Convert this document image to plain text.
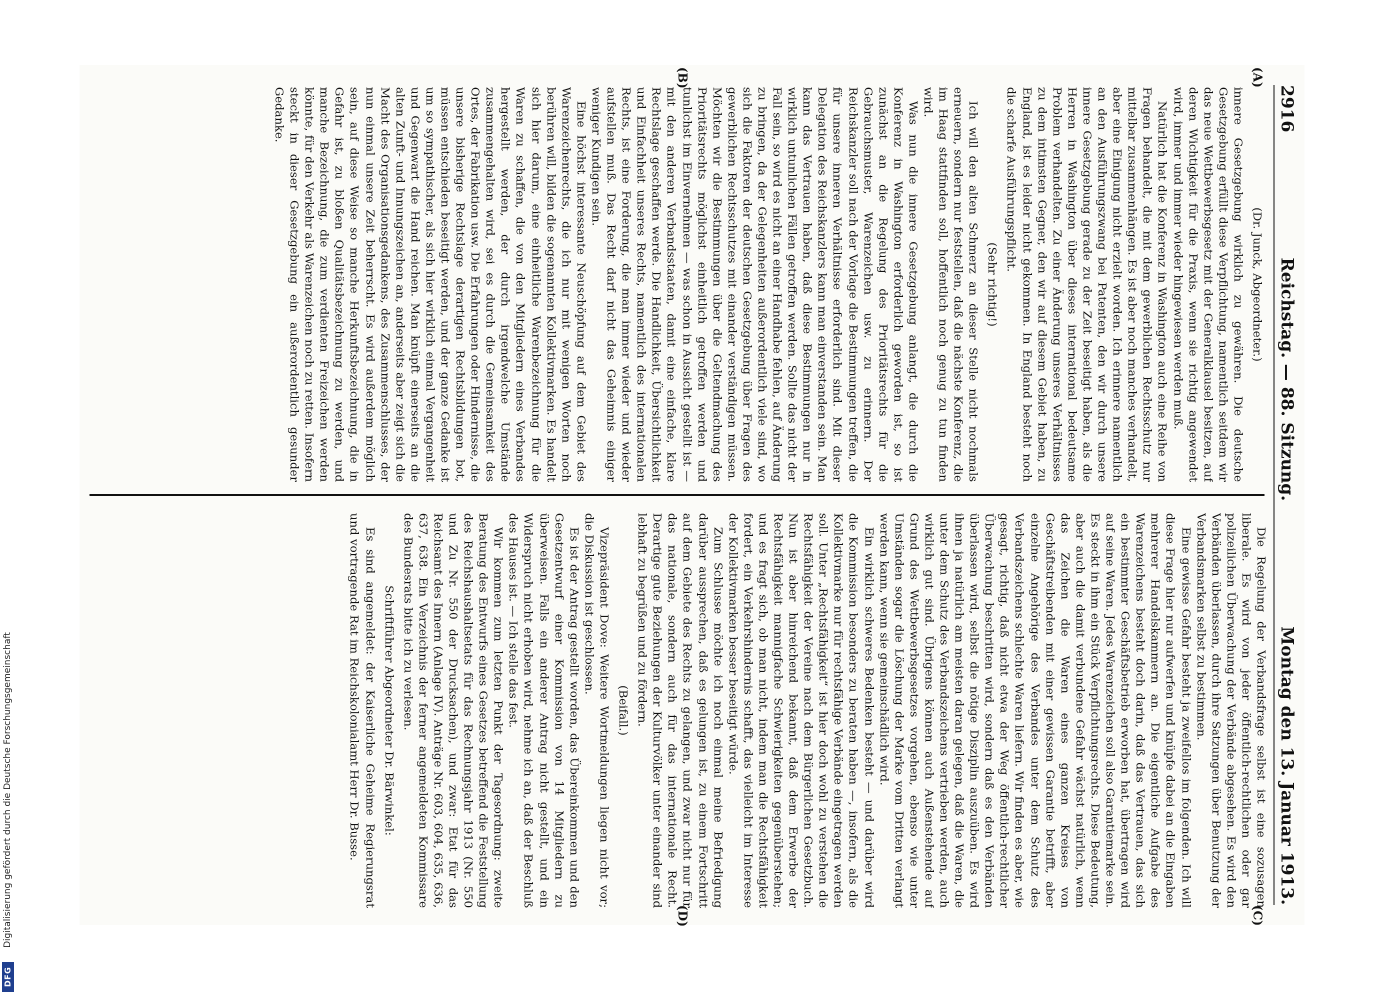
Digitalisierung gefördert durch die Deutsche Forschungsgemeinschaft
DFG
2916
Reichstag. — 88. Sitzung.
Montag den 13. Januar 1913.
(A)
(B)
(C)
(D)

(Dr. Junck, Abgeordneter.)

innere Gesetzgebung wirklich zu gewähren. Die deutsche Gesetzgebung erfüllt diese Verpflichtung, namentlich seitdem wir das neue Wettbewerbsgesetz mit der Generalklausel besitzen, auf deren Wichtigkeit für die Praxis, wenn sie richtig angewendet wird, immer und immer wieder hingewiesen werden muß.

Natürlich hat die Konferenz in Washington auch eine Reihe von Fragen behandelt, die mit dem gewerblichen Rechtsschutz nur mittelbar zusammenhängen. Es ist aber noch manches verhandelt, aber eine Einigung nicht erzielt worden. Ich erinnere namentlich an den Ausführungszwang bei Patenten, den wir durch unsere innere Gesetzgebung gerade zu der Zeit beseitigt haben, als die Herren in Washington über dieses international bedeutsame Problem verhandelten. Zu einer Änderung unseres Verhältnisses zu dem intimsten Gegner, den wir auf diesem Gebiet haben, zu England, ist es leider nicht gekommen. In England besteht noch die scharfe Ausführungspflicht.

(Sehr richtig!)

Ich will den alten Schmerz an dieser Stelle nicht nochmals erneuern, sondern nur feststellen, daß die nächste Konferenz, die im Haag stattfinden soll, hoffentlich noch genug zu tun finden wird.

Was nun die innere Gesetzgebung anlangt, die durch die Konferenz in Washington erforderlich geworden ist, so ist zunächst an die Regelung des Prioritätsrechts für die Gebrauchsmuster, Warenzeichen usw. zu erinnern. Der Reichskanzler soll nach der Vorlage die Bestimmungen treffen, die für unsere inneren Verhältnisse erforderlich sind. Mit dieser Delegation des Reichskanzlers kann man einverstanden sein. Man kann das Vertrauen haben, daß diese Bestimmungen nur in wirklich untunlichen Fällen getroffen werden. Sollte das nicht der Fall sein, so wird es nicht an einer Handhabe fehlen, auf Änderung zu bringen, da der Gelegenheiten außerordentlich viele sind, wo sich die Faktoren der deutschen Gesetzgebung über Fragen des gewerblichen Rechtsschutzes mit einander verständigen müssen. Möchten wir die Bestimmungen über die Geltendmachung des Prioritätsrechts möglichst einheitlich getroffen werden und tunlichst im Einvernehmen — was schon in Aussicht gestellt ist — mit den anderen Verbandsstaaten, damit eine einfache, klare Rechtslage geschaffen werde. Die Handlichkeit, Übersichtlichkeit und Einfachheit unseres Rechts, namentlich des internationalen Rechts, ist eine Forderung, die man immer wieder und wieder aufstellen muß. Das Recht darf nicht das Geheimnis einiger weniger Kundigen sein.

Eine höchst interessante Neuschöpfung auf dem Gebiet des Warenzeichenrechts, die ich nur mit wenigen Worten noch berühren will, bilden die sogenannten Kollektivmarken. Es handelt sich hier darum, eine einheitliche Warenbezeichnung für die Waren zu schaffen, die von den Mitgliedern eines Verbandes hergestellt werden, der durch irgendwelche Umstände zusammengehalten wird, sei es durch die Gemeinsamkeit des Ortes, der Fabrikation usw. Die Erfahrungen oder Hindernisse, die unsere bisherige Rechtslage derartigen Rechtsbildungen bot, müssen entschieden beseitigt werden, und der ganze Gedanke ist um so sympathischer, als sich hier wirklich einmal Vergangenheit und Gegenwart die Hand reichen. Man knüpft einerseits an die alten Zunft- und Innungszeichen an, anderseits aber zeigt sich die Macht des Organisationsgedankens, des Zusammenschlusses, der nun einmal unsere Zeit beherrscht. Es wird außerdem möglich sein, auf diese Weise so manche Herkunftsbezeichnung, die in Gefahr ist, zu bloßen Qualitätsbezeichnung zu werden, und manche Bezeichnung, die zum verdienten Freizeichen werden könnte, für den Verkehr als Warenzeichen noch zu retten. Insofern steckt in dieser Gesetzgebung ein außerordentlich gesunder Gedanke.

Die Regelung der Verbandsfrage selbst ist eine sozusagen liberale. Es wird von jeder öffentlich-rechtlichen oder gar polizeilichen Überwachung der Verbände abgesehen. Es wird den Verbänden überlassen, durch ihre Satzungen über Benutzung der Verbandsmarken selbst zu bestimmen.

Eine gewisse Gefahr besteht ja zweifellos im folgenden. Ich will diese Frage hier nur aufwerfen und knüpfe dabei an die Eingaben mehrerer Handelskammern an. Die eigentliche Aufgabe des Warenzeichens besteht doch darin, daß das Vertrauen, das sich ein bestimmter Geschäftsbetrieb erworben hat, übertragen wird auf seine Waren. Jedes Warenzeichen soll also Garantiemarke sein. Es steckt in ihm ein Stück Verpflichtungsrechts. Diese Bedeutung, aber auch die damit verbundene Gefahr wächst natürlich, wenn das Zeichen die Waren eines ganzen Kreises von Geschäftstreibenden mit einer gewissen Garantie betrifft, aber einzelne Angehörige des Verbandes unter dem Schutz des Verbandszeichens schlechte Waren liefern. Wir finden es aber, wie gesagt, richtig, daß nicht etwa der Weg öffentlich-rechtlicher Überwachung beschritten wird, sondern daß es den Verbänden überlassen wird, selbst die nötige Disziplin auszuüben. Es wird ihnen ja natürlich am meisten daran gelegen, daß die Waren, die unter dem Schutz des Verbandszeichens vertrieben werden, auch wirklich gut sind. Übrigens können auch Außenstehende auf Grund des Wettbewerbsgesetzes vorgehen, ebenso wie unter Umständen sogar die Löschung der Marke vom Dritten verlangt werden kann, wenn sie gemeinschädlich wird.

Ein wirklich schweres Bedenken besteht — und darüber wird die Kommission besonders zu beraten haben —, insofern, als die Kollektivmarke nur für rechtsfähige Verbände eingetragen werden soll. Unter „Rechtsfähigkeit“ ist hier doch wohl zu verstehen die Rechtsfähigkeit der Vereine nach dem Bürgerlichen Gesetzbuch. Nun ist aber hinreichend bekannt, daß dem Erwerbe der Rechtsfähigkeit mannigfache Schwierigkeiten gegenüberstehen; und es fragt sich, ob man nicht, indem man die Rechtsfähigkeit fordert, ein Verkehrshindernis schafft, das vielleicht im Interesse der Kollektivmarken besser beseitigt würde.

Zum Schlusse möchte ich noch einmal meine Befriedigung darüber aussprechen, daß es gelungen ist, zu einem Fortschritt auf dem Gebiete des Rechts zu gelangen, und zwar nicht nur für das nationale, sondern auch für das internationale Recht. Derartige gute Beziehungen der Kulturvölker unter einander sind lebhaft zu begrüßen und zu fördern.

(Beifall.)

Vizepräsident Dove: Weitere Wortmeldungen liegen nicht vor; die Diskussion ist geschlossen.

Es ist der Antrag gestellt worden, das Übereinkommen und den Gesetzentwurf einer Kommission von 14 Mitgliedern zu überweisen. Falls ein anderer Antrag nicht gestellt, und ein Widerspruch nicht erhoben wird, nehme ich an, daß der Beschluß des Hauses ist. — Ich stelle das fest.

Wir kommen zum letzten Punkt der Tagesordnung: zweite Beratung des Entwurfs eines Gesetzes betreffend die Feststellung des Reichshaushaltsetats für das Rechnungsjahr 1913 (Nr. 550 und Zu Nr. 550 der Drucksachen), und zwar: Etat für das Reichsamt des Innern (Anlage IV). Anträge Nr. 603, 604, 635, 636, 637, 638. Ein Verzeichnis der ferner angemeldeten Kommissare des Bundesrats bitte ich zu verlesen.

Schriftführer Abgeordneter Dr. Bärwinkel:

Es sind angemeldet: der Kaiserliche Geheime Regierungsrat und vortragende Rat im Reichskolonialamt Herr Dr. Busse.
